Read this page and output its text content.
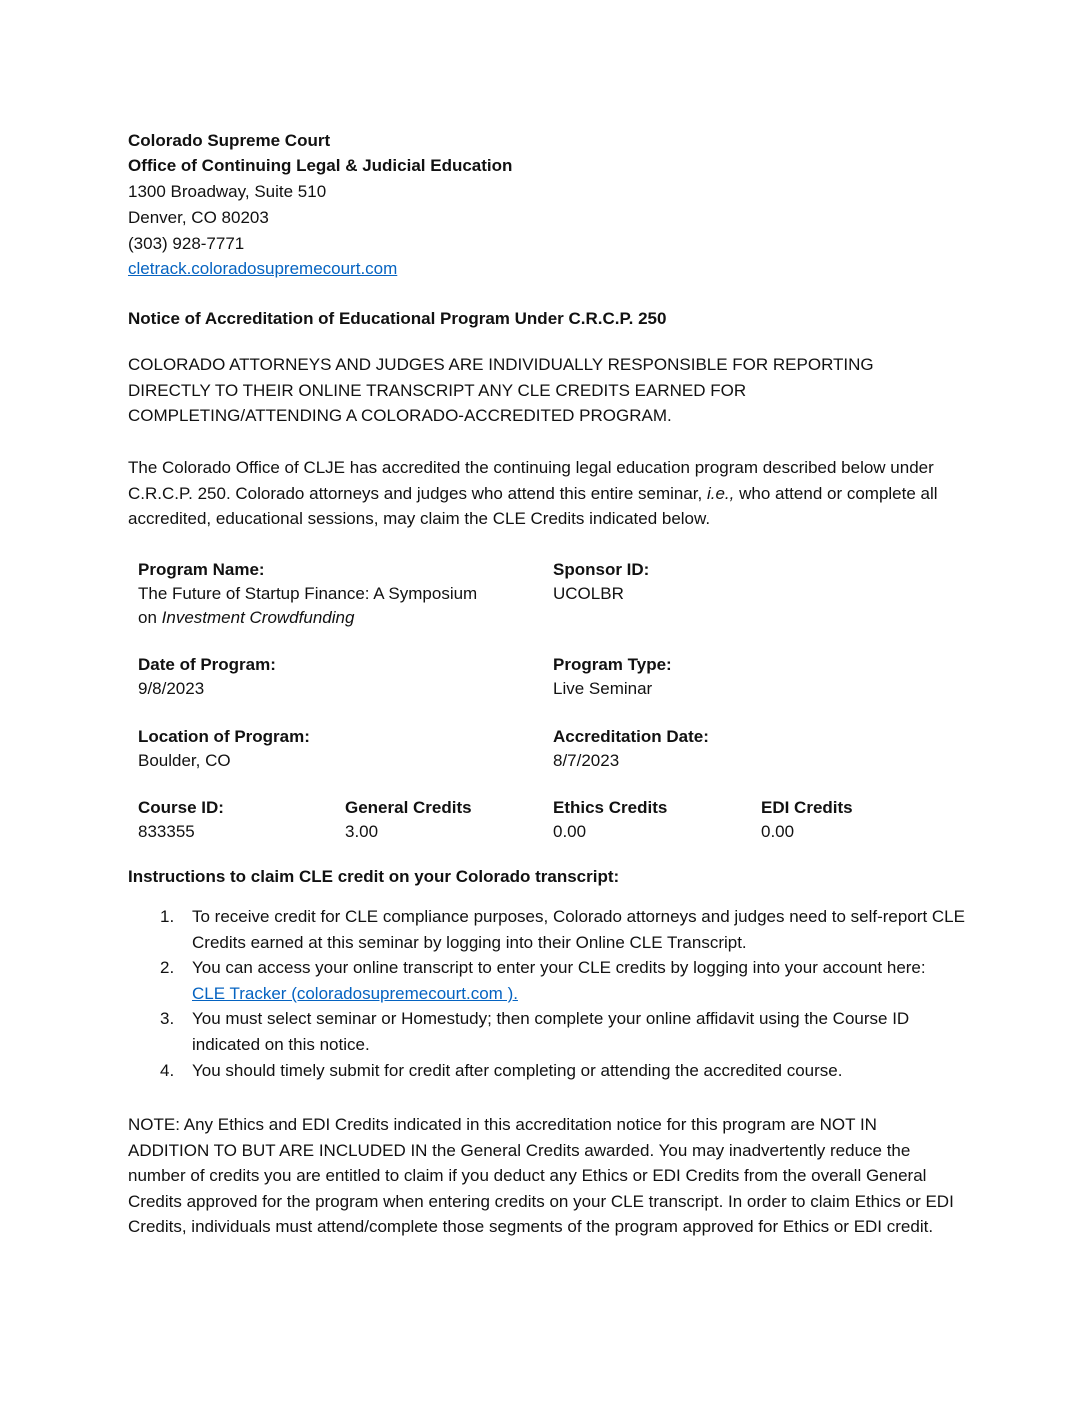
Colorado Supreme Court
Office of Continuing Legal & Judicial Education
1300 Broadway, Suite 510
Denver, CO 80203
(303) 928-7771
cletrack.coloradosupremecourt.com
Notice of Accreditation of Educational Program Under C.R.C.P. 250
COLORADO ATTORNEYS AND JUDGES ARE INDIVIDUALLY RESPONSIBLE FOR REPORTING DIRECTLY TO THEIR ONLINE TRANSCRIPT ANY CLE CREDITS EARNED FOR COMPLETING/ATTENDING A COLORADO-ACCREDITED PROGRAM.
The Colorado Office of CLJE has accredited the continuing legal education program described below under C.R.C.P. 250. Colorado attorneys and judges who attend this entire seminar, i.e., who attend or complete all accredited, educational sessions, may claim the CLE Credits indicated below.
Program Name:
The Future of Startup Finance: A Symposium
on Investment Crowdfunding
Sponsor ID:
UCOLBR
Date of Program:
9/8/2023
Program Type:
Live Seminar
Location of Program:
Boulder, CO
Accreditation Date:
8/7/2023
Course ID:
833355
General Credits
3.00
Ethics Credits
0.00
EDI Credits
0.00
Instructions to claim CLE credit on your Colorado transcript:
1. To receive credit for CLE compliance purposes, Colorado attorneys and judges need to self-report CLE Credits earned at this seminar by logging into their Online CLE Transcript.
2. You can access your online transcript to enter your CLE credits by logging into your account here:  CLE Tracker (coloradosupremecourt.com ).
3. You must select seminar or Homestudy; then complete your online affidavit using the Course ID indicated on this notice.
4. You should timely submit for credit after completing or attending the accredited course.
NOTE: Any Ethics and EDI Credits indicated in this accreditation notice for this program are NOT IN ADDITION TO BUT ARE INCLUDED IN the General Credits awarded. You may inadvertently reduce the number of credits you are entitled to claim if you deduct any Ethics or EDI Credits from the overall General Credits approved for the program when entering credits on your CLE transcript. In order to claim Ethics or EDI Credits, individuals must attend/complete those segments of the program approved for Ethics or EDI credit.
